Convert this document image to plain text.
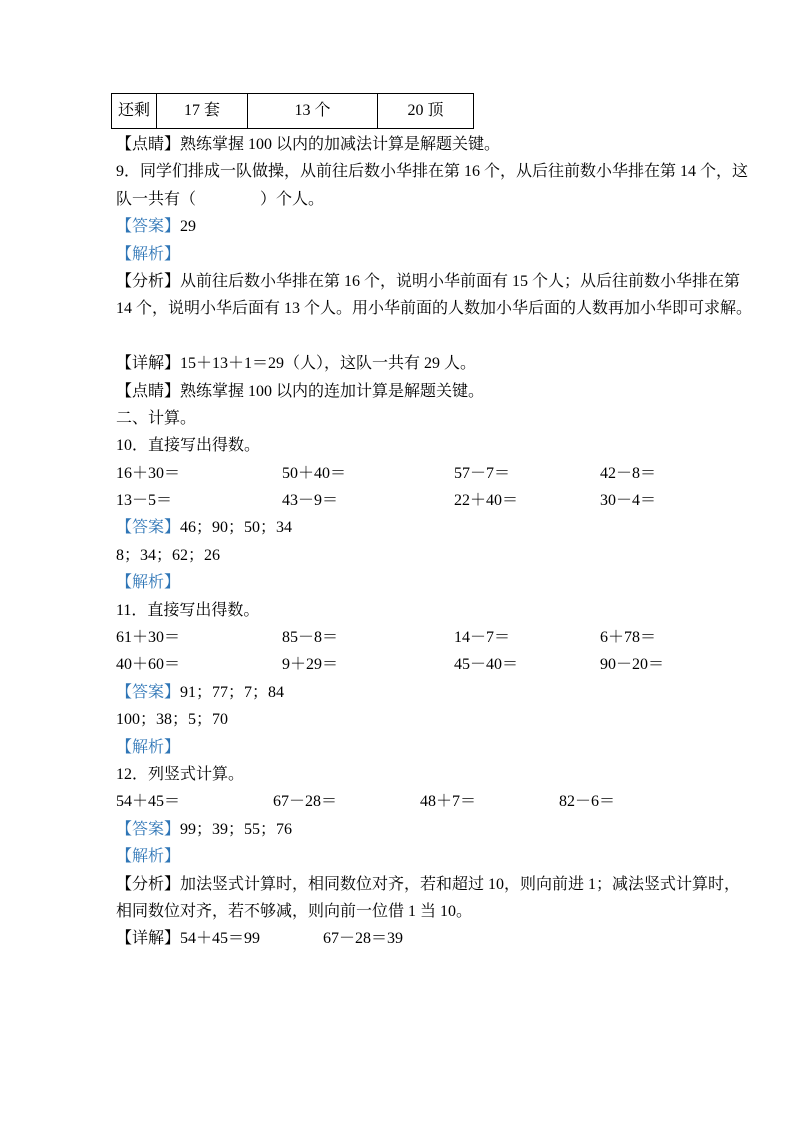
还剩	17 套	13 个	20 顶

【点睛】熟练掌握 100 以内的加减法计算是解题关键。

9．同学们排成一队做操，从前往后数小华排在第 16 个，从后往前数小华排在第 14 个，这

队一共有（　　　　）个人。

【答案】29

【解析】

【分析】从前往后数小华排在第 16 个，说明小华前面有 15 个人；从后往前数小华排在第

14 个，说明小华后面有 13 个人。用小华前面的人数加小华后面的人数再加小华即可求解。

【详解】15＋13＋1＝29（人），这队一共有 29 人。

【点睛】熟练掌握 100 以内的连加计算是解题关键。

二、计算。

10．直接写出得数。

16＋30＝	50＋40＝	57－7＝	42－8＝

13－5＝	43－9＝	22＋40＝	30－4＝

【答案】46；90；50；34

8；34；62；26

【解析】

11．直接写出得数。

61＋30＝	85－8＝	14－7＝	6＋78＝

40＋60＝	9＋29＝	45－40＝	90－20＝

【答案】91；77；7；84

100；38；5；70

【解析】

12．列竖式计算。

54＋45＝	67－28＝	48＋7＝	82－6＝

【答案】99；39；55；76

【解析】

【分析】加法竖式计算时，相同数位对齐，若和超过 10，则向前进 1；减法竖式计算时，

相同数位对齐，若不够减，则向前一位借 1 当 10。

【详解】54＋45＝99	67－28＝39
